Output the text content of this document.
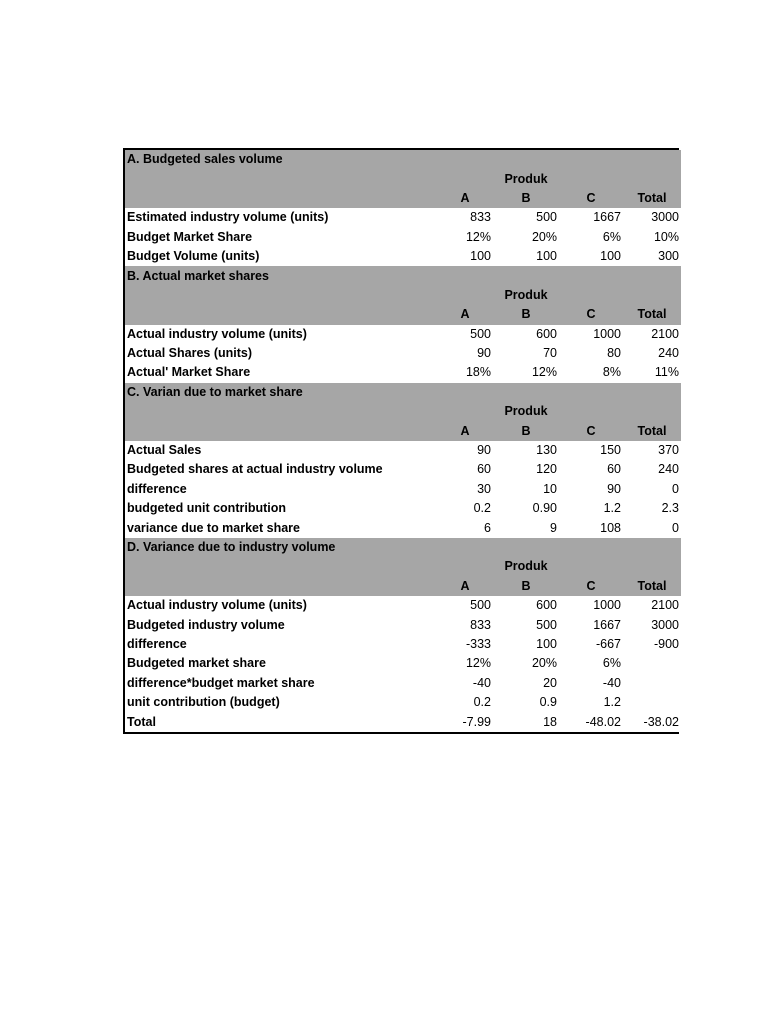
A. Budgeted sales volume				
		Produk		
	A	B	C	Total
Estimated industry volume (units)	833	500	1667	3000
Budget Market Share	12%	20%	6%	10%
Budget Volume (units)	100	100	100	300
B. Actual market shares				
		Produk		
	A	B	C	Total
Actual industry volume (units)	500	600	1000	2100
Actual Shares (units)	90	70	80	240
Actual' Market Share	18%	12%	8%	11%
C. Varian due to market share				
		Produk		
	A	B	C	Total
Actual Sales	90	130	150	370
Budgeted shares at actual industry volume	60	120	60	240
difference	30	10	90	0
budgeted unit contribution	0.2	0.90	1.2	2.3
variance due to market share	6	9	108	0
D. Variance due to industry volume				
		Produk		
	A	B	C	Total
Actual industry volume (units)	500	600	1000	2100
Budgeted industry volume	833	500	1667	3000
difference	-333	100	-667	-900
Budgeted market share	12%	20%	6%	
difference*budget market share	-40	20	-40	
unit contribution (budget)	0.2	0.9	1.2	
Total	-7.99	18	-48.02	-38.02
